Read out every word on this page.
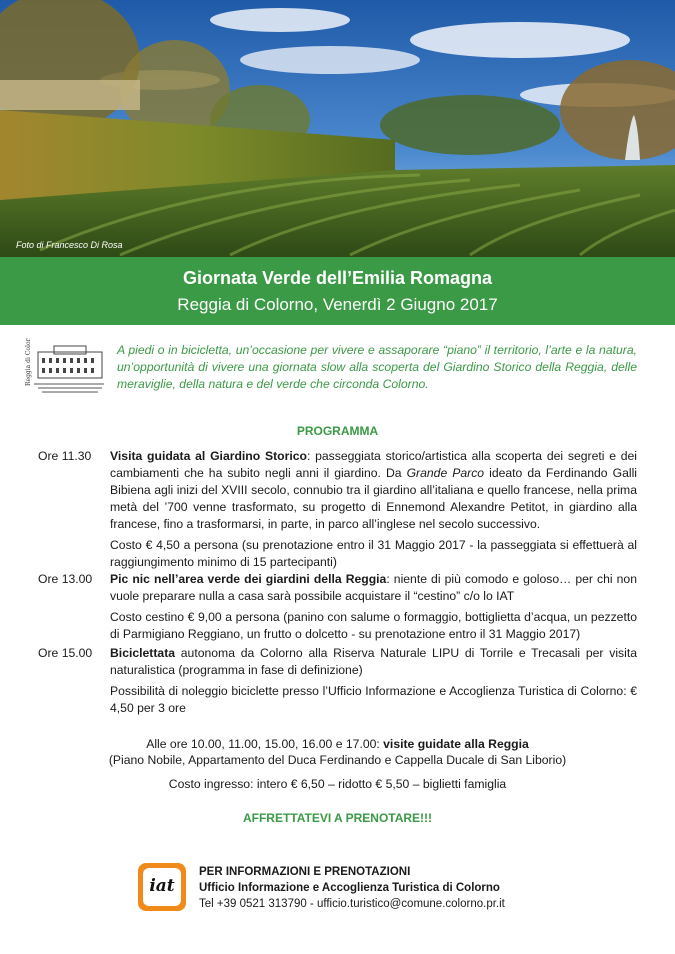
Foto di Francesco Di Rosa
Giornata Verde dell’Emilia Romagna
Reggia di Colorno, Venerdì 2 Giugno 2017
Reggia di Colorno	A piedi o in bicicletta, un’occasione per vivere e assaporare “piano” il territorio, l’arte e la natura, un’opportunità di vivere una giornata slow alla scoperta del Giardino Storico della Reggia, delle meraviglie, della natura e del verde che circonda Colorno.
PROGRAMMA
Ore 11.30	Visita guidata al Giardino Storico: passeggiata storico/artistica alla scoperta dei segreti e dei cambiamenti che ha subito negli anni il giardino. Da Grande Parco ideato da Ferdinando Galli Bibiena agli inizi del XVIII secolo, connubio tra il giardino all’italiana e quello francese, nella prima metà del ’700 venne trasformato, su progetto di Ennemond Alexandre Petitot, in giardino alla francese, fino a trasformarsi, in parte, in parco all’inglese nel secolo successivo.

Costo € 4,50 a persona (su prenotazione entro il 31 Maggio 2017 - la passeggiata si effettuerà al raggiungimento minimo di 15 partecipanti)

Ore 13.00	Pic nic nell’area verde dei giardini della Reggia: niente di più comodo e goloso… per chi non vuole preparare nulla a casa sarà possibile acquistare il “cestino” c/o lo IAT

Costo cestino € 9,00 a persona (panino con salume o formaggio, bottiglietta d’acqua, un pezzetto di Parmigiano Reggiano, un frutto o dolcetto - su prenotazione entro il 31 Maggio 2017)

Ore 15.00	Biciclettata autonoma da Colorno alla Riserva Naturale LIPU di Torrile e Trecasali per visita naturalistica (programma in fase di definizione)

Possibilità di noleggio biciclette presso l’Ufficio Informazione e Accoglienza Turistica di Colorno: € 4,50 per 3 ore

Alle ore 10.00, 11.00, 15.00, 16.00 e 17.00: visite guidate alla Reggia
(Piano Nobile, Appartamento del Duca Ferdinando e Cappella Ducale di San Liborio)
Costo ingresso: intero € 6,50 – ridotto € 5,50 – biglietti famiglia
AFFRETTATEVI A PRENOTARE!!!
iat
PER INFORMAZIONI E PRENOTAZIONI
Ufficio Informazione e Accoglienza Turistica di Colorno
Tel +39 0521 313790 - ufficio.turistico@comune.colorno.pr.it
